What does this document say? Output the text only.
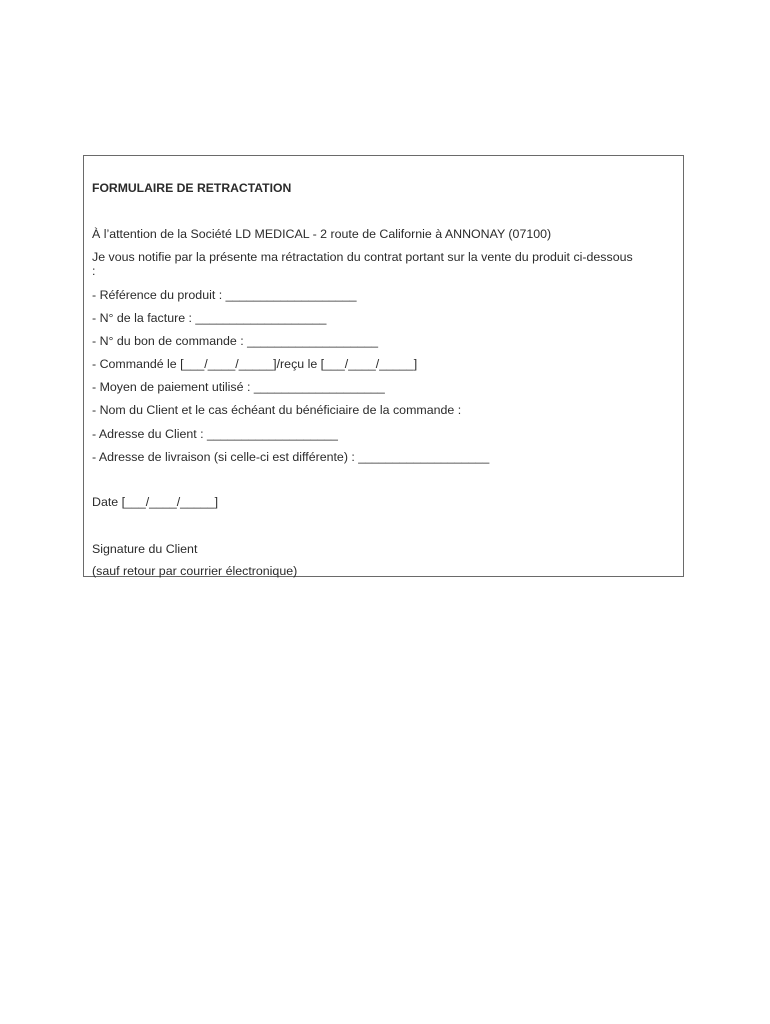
FORMULAIRE DE RETRACTATION
À l’attention de la Société LD MEDICAL - 2 route de Californie à ANNONAY (07100)
Je vous notifie par la présente ma rétractation du contrat portant sur la vente du produit ci-dessous :
- Référence du produit : ___________________
- N° de la facture : ___________________
- N° du bon de commande : ___________________
- Commandé le [___/____/_____]/reçu le [___/____/_____]
- Moyen de paiement utilisé : ___________________
- Nom du Client et le cas échéant du bénéficiaire de la commande :
- Adresse du Client : ___________________
- Adresse de livraison (si celle-ci est différente) : ___________________
Date [___/____/_____]
Signature du Client
(sauf retour par courrier électronique)
